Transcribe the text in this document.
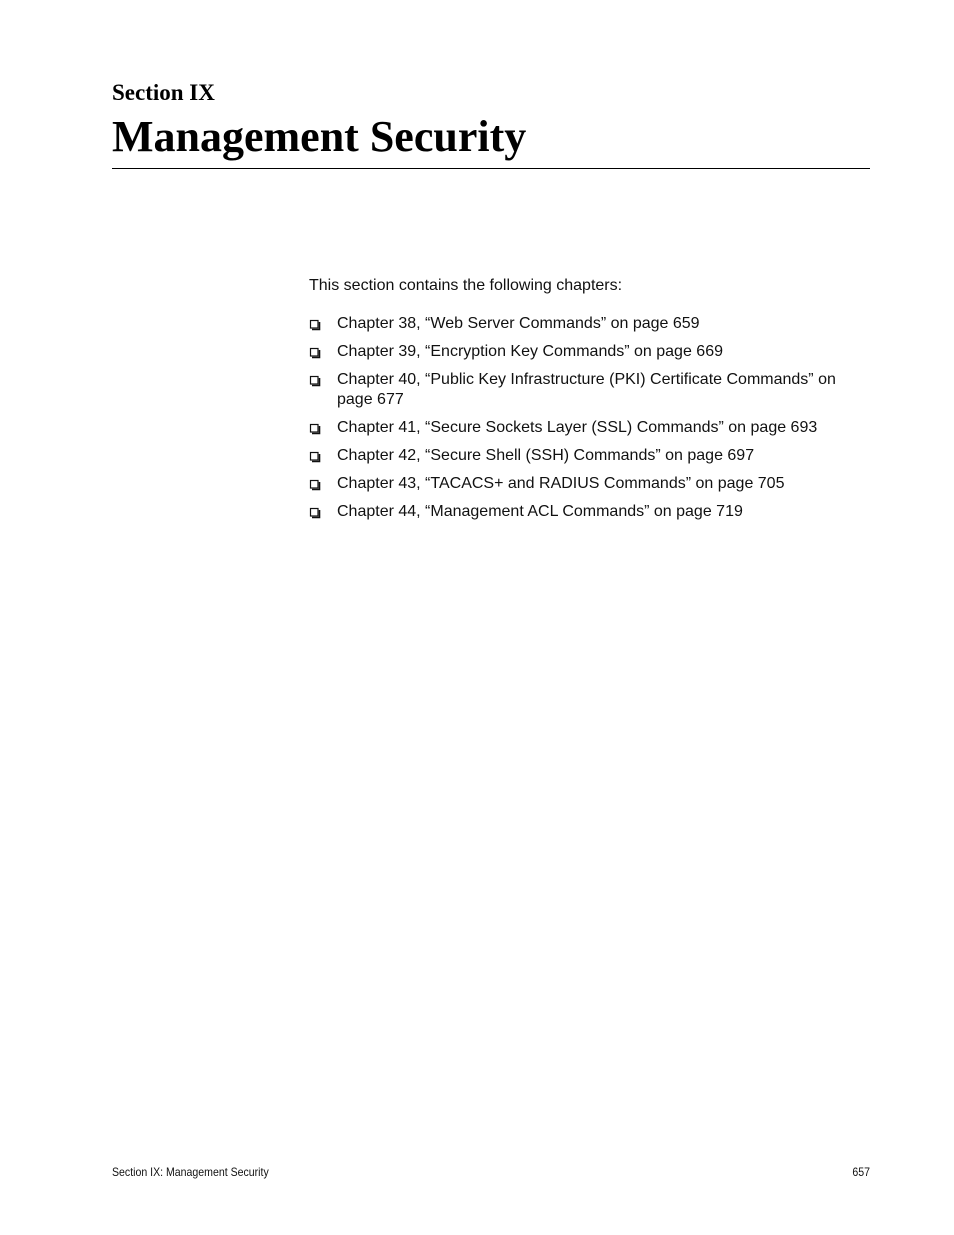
Section IX
Management Security

This section contains the following chapters:

Chapter 38, “Web Server Commands” on page 659
Chapter 39, “Encryption Key Commands” on page 669
Chapter 40, “Public Key Infrastructure (PKI) Certificate Commands” on page 677
Chapter 41, “Secure Sockets Layer (SSL) Commands” on page 693
Chapter 42, “Secure Shell (SSH) Commands” on page 697
Chapter 43, “TACACS+ and RADIUS Commands” on page 705
Chapter 44, “Management ACL Commands” on page 719
Section IX: Management Security	657
